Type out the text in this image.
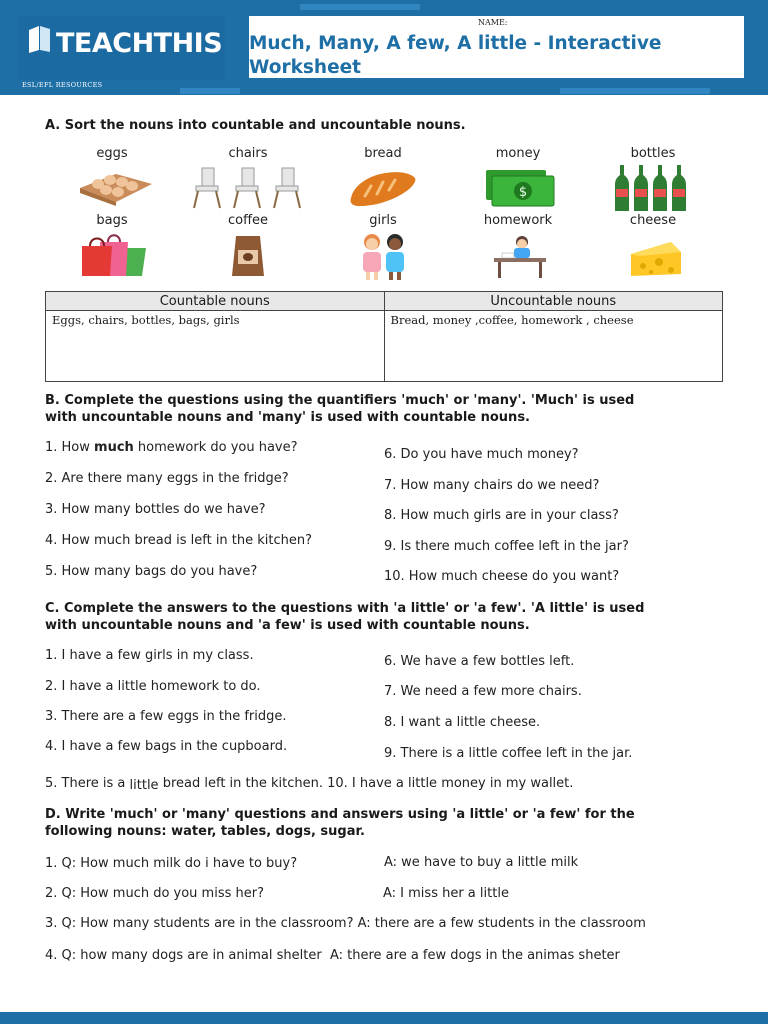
TEACHTHIS
ESL/EFL RESOURCES
NAME:
Much, Many, A few, A little - Interactive Worksheet
A. Sort the nouns into countable and uncountable nouns.
eggs	chairs	bread	money	bottles
bags	coffee	girls	homework	cheese
$
Countable nouns	Uncountable nouns
Eggs, chairs, bottles, bags, girls	Bread, money ,coffee, homework , cheese
B. Complete the questions using the quantifiers 'much' or 'many'. 'Much' is used
with uncountable nouns and 'many' is used with countable nouns.
1. How much homework do you have?
2. Are there many eggs in the fridge?
3. How many bottles do we have?
4. How much bread is left in the kitchen?
5. How many bags do you have?
6. Do you have much money?
7. How many chairs do we need?
8. How much girls are in your class?
9. Is there much coffee left in the jar?
10. How much cheese do you want?
C. Complete the answers to the questions with 'a little' or 'a few'. 'A little' is used
with uncountable nouns and 'a few' is used with countable nouns.
1. I have a few girls in my class.
2. I have a little homework to do.
3. There are a few eggs in the fridge.
4. I have a few bags in the cupboard.
6. We have a few bottles left.
7. We need a few more chairs.
8. I want a little cheese.
9. There is a little coffee left in the jar.
5. There is a little bread left in the kitchen. 10. I have a little money in my wallet.
D. Write 'much' or 'many' questions and answers using 'a little' or 'a few' for the
following nouns: water, tables, dogs, sugar.
1. Q: How much milk do i have to buy?	A: we have to buy a little milk
2. Q: How much do you miss her?	A: I miss her a little
3. Q: How many students are in the classroom? A: there are a few students in the classroom
4. Q: how many dogs are in animal shelter A: there are a few dogs in the animas sheter
